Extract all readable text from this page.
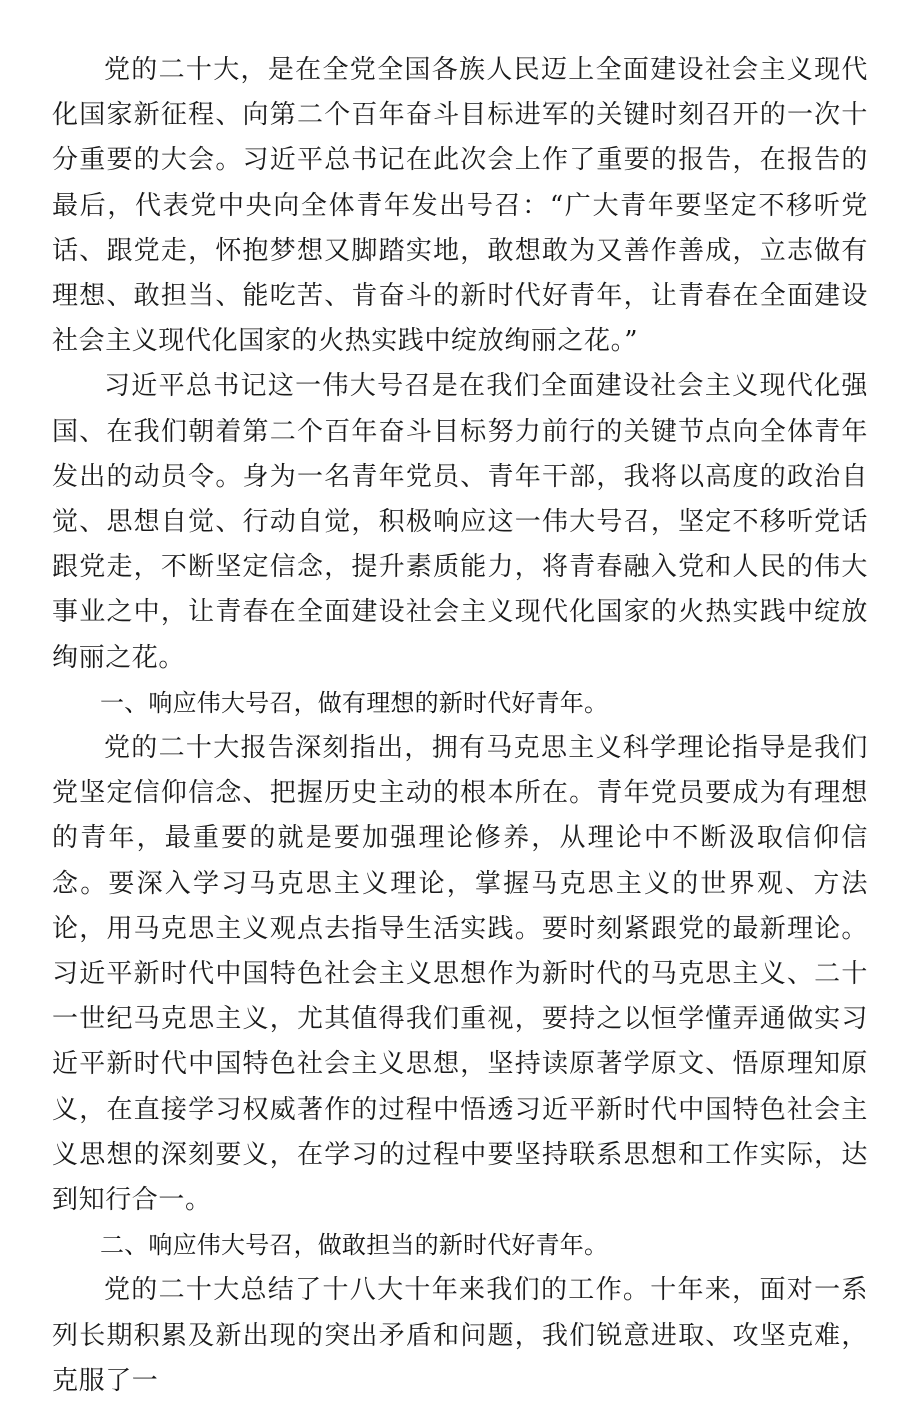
党的二十大，是在全党全国各族人民迈上全面建设社会主义现代化国家新征程、向第二个百年奋斗目标进军的关键时刻召开的一次十分重要的大会。习近平总书记在此次会上作了重要的报告，在报告的最后，代表党中央向全体青年发出号召：“广大青年要坚定不移听党话、跟党走，怀抱梦想又脚踏实地，敢想敢为又善作善成，立志做有理想、敢担当、能吃苦、肯奋斗的新时代好青年，让青春在全面建设社会主义现代化国家的火热实践中绽放绚丽之花。”

习近平总书记这一伟大号召是在我们全面建设社会主义现代化强国、在我们朝着第二个百年奋斗目标努力前行的关键节点向全体青年发出的动员令。身为一名青年党员、青年干部，我将以高度的政治自觉、思想自觉、行动自觉，积极响应这一伟大号召，坚定不移听党话跟党走，不断坚定信念，提升素质能力，将青春融入党和人民的伟大事业之中，让青春在全面建设社会主义现代化国家的火热实践中绽放绚丽之花。

一、响应伟大号召，做有理想的新时代好青年。

党的二十大报告深刻指出，拥有马克思主义科学理论指导是我们党坚定信仰信念、把握历史主动的根本所在。青年党员要成为有理想的青年，最重要的就是要加强理论修养，从理论中不断汲取信仰信念。要深入学习马克思主义理论，掌握马克思主义的世界观、方法论，用马克思主义观点去指导生活实践。要时刻紧跟党的最新理论。习近平新时代中国特色社会主义思想作为新时代的马克思主义、二十一世纪马克思主义，尤其值得我们重视，要持之以恒学懂弄通做实习近平新时代中国特色社会主义思想，坚持读原著学原文、悟原理知原义，在直接学习权威著作的过程中悟透习近平新时代中国特色社会主义思想的深刻要义，在学习的过程中要坚持联系思想和工作实际，达到知行合一。

二、响应伟大号召，做敢担当的新时代好青年。

党的二十大总结了十八大十年来我们的工作。十年来，面对一系列长期积累及新出现的突出矛盾和问题，我们锐意进取、攻坚克难，克服了一
